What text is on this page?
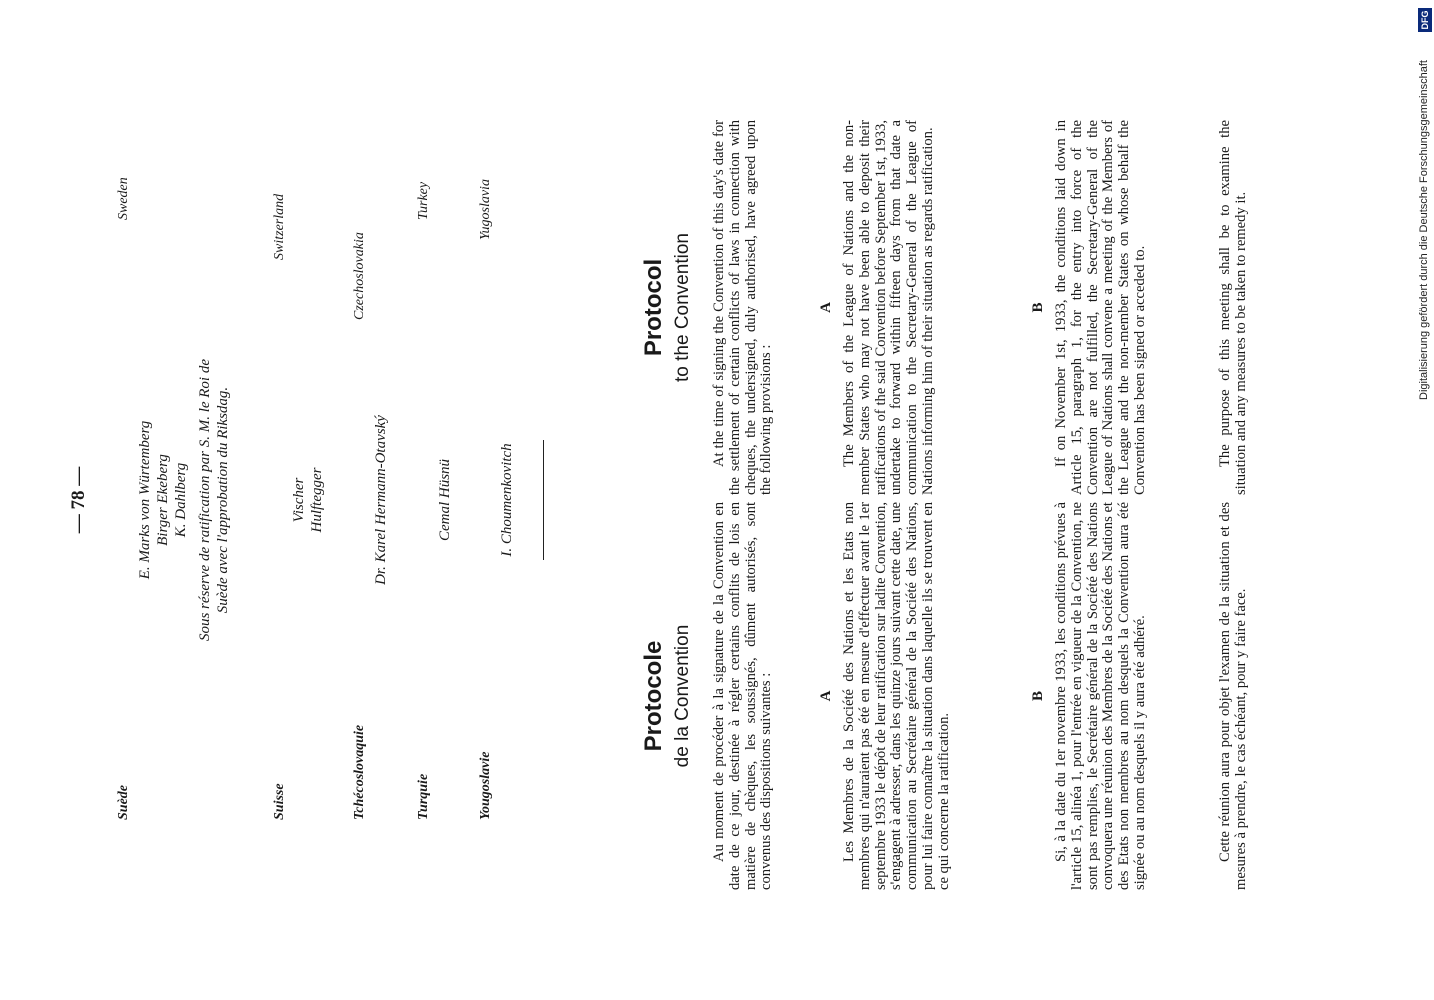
— 78 —
Suède
Sweden
E. Marks von Würtemberg Birger Ekeberg K. Dahlberg Sous réserve de ratification par S. M. le Roi de Suède avec l'approbation du Riksdag.
Suisse
Switzerland
Vischer Hulftegger
Tchécoslovaquie
Czechoslovakia
Dr. Karel Hermann-Otavský
Turquie
Turkey
Cemal Hüsnü
Yougoslavie
Yugoslavia
I. Choumenkovitch
Protocole de la Convention Au moment de procéder à la signature de la Convention en date de ce jour, destinée à régler certains conflits de lois en matière de chèques, les soussignés, dûment autorisés, sont convenus des dispositions suivantes :	A Les Membres de la Société des Nations et les Etats non membres qui n'auraient pas été en mesure d'effectuer avant le 1er septembre 1933 le dépôt de leur ratification sur ladite Convention, s'engagent à adresser, dans les quinze jours suivant cette date, une communication au Secrétaire général de la Société des Nations, pour lui faire connaître la situation dans laquelle ils se trouvent en ce qui concerne la ratification.

B Si, à la date du 1er novembre 1933, les conditions prévues à l'article 15, alinéa 1, pour l'entrée en vigueur de la Convention, ne sont pas remplies, le Secrétaire général de la Société des Nations convoquera une réunion des Membres de la Société des Nations et des Etats non membres au nom desquels la Convention aura été signée ou au nom desquels il y aura été adhéré.	Cette réunion aura pour objet l'examen de la situation et des mesures à prendre, le cas échéant, pour y faire face.

Protocol to the Convention At the time of signing the Convention of this day's date for the settlement of certain conflicts of laws in connection with cheques, the undersigned, duly authorised, have agreed upon the following provisions :

A The Members of the League of Nations and the non-member States who may not have been able to deposit their ratifications of the said Convention before September 1st, 1933, undertake to forward within fifteen days from that date a communication to the Secretary-General of the League of Nations informing him of their situation as regards ratification.	B If on November 1st, 1933, the conditions laid down in Article 15, paragraph 1, for the entry into force of the Convention are not fulfilled, the Secretary-General of the League of Nations shall convene a meeting of the Members of the League and the non-member States on whose behalf the Convention has been signed or acceded to.	The purpose of this meeting shall be to examine the situation and any measures to be taken to remedy it.	Digitalisierung gefördert durch die Deutsche Forschungsgemeinschaft
DFG
